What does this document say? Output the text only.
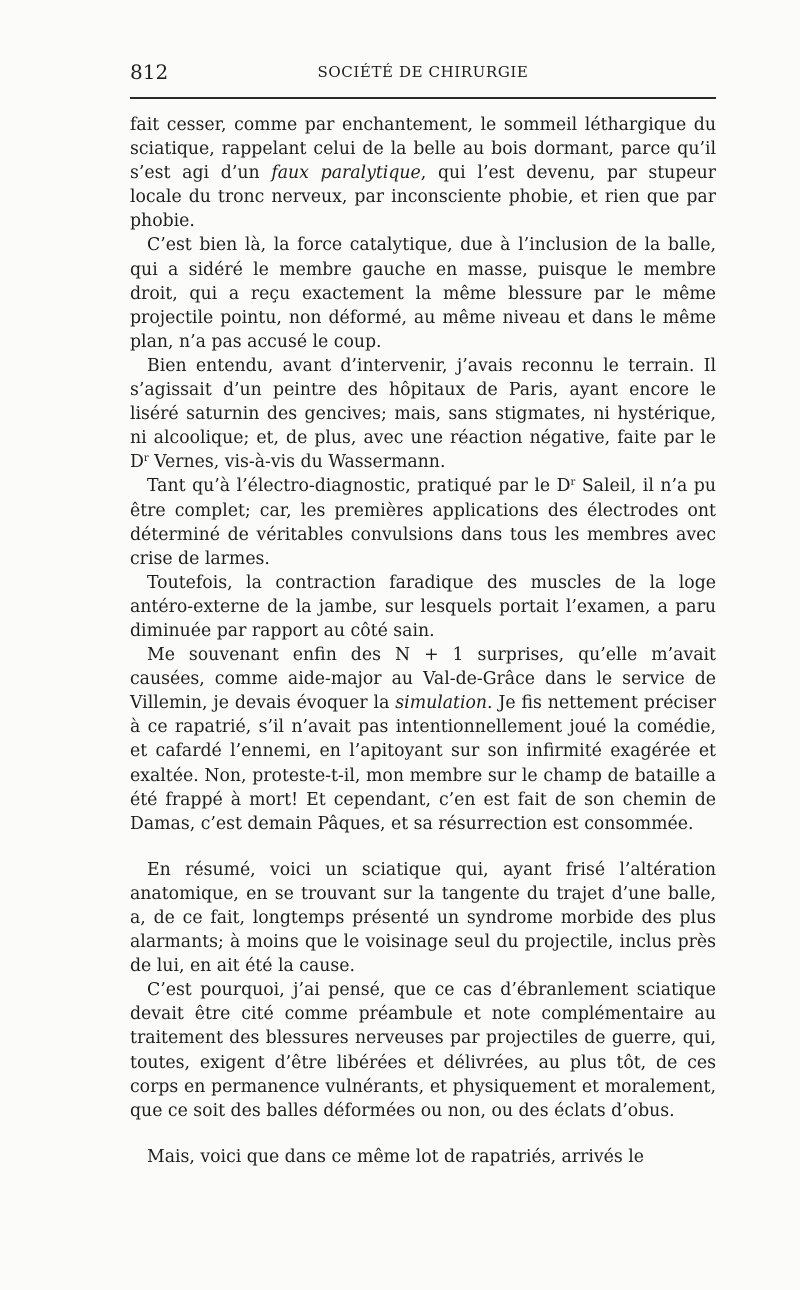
812	SOCIÉTÉ DE CHIRURGIE

fait cesser, comme par enchantement, le sommeil léthargique du sciatique, rappelant celui de la belle au bois dormant, parce qu’il s’est agi d’un faux paralytique, qui l’est devenu, par stupeur locale du tronc nerveux, par inconsciente phobie, et rien que par phobie.

C’est bien là, la force catalytique, due à l’inclusion de la balle, qui a sidéré le membre gauche en masse, puisque le membre droit, qui a reçu exactement la même blessure par le même projectile pointu, non déformé, au même niveau et dans le même plan, n’a pas accusé le coup.

Bien entendu, avant d’intervenir, j’avais reconnu le terrain. Il s’agissait d’un peintre des hôpitaux de Paris, ayant encore le liséré saturnin des gencives; mais, sans stigmates, ni hystérique, ni alcoolique; et, de plus, avec une réaction négative, faite par le $D^r$ Vernes, vis-à-vis du Wassermann.

Tant qu’à l’électro-diagnostic, pratiqué par le $D^r$ Saleil, il n’a pu être complet; car, les premières applications des électrodes ont déterminé de véritables convulsions dans tous les membres avec crise de larmes.

Toutefois, la contraction faradique des muscles de la loge antéro-externe de la jambe, sur lesquels portait l’examen, a paru diminuée par rapport au côté sain.

Me souvenant enfin des N + 1 surprises, qu’elle m’avait causées, comme aide-major au Val-de-Grâce dans le service de Villemin, je devais évoquer la simulation. Je fis nettement préciser à ce rapatrié, s’il n’avait pas intentionnellement joué la comédie, et cafardé l’ennemi, en l’apitoyant sur son infirmité exagérée et exaltée. Non, proteste-t-il, mon membre sur le champ de bataille a été frappé à mort! Et cependant, c’en est fait de son chemin de Damas, c’est demain Pâques, et sa résurrection est consommée.

En résumé, voici un sciatique qui, ayant frisé l’altération anatomique, en se trouvant sur la tangente du trajet d’une balle, a, de ce fait, longtemps présenté un syndrome morbide des plus alarmants; à moins que le voisinage seul du projectile, inclus près de lui, en ait été la cause.

C’est pourquoi, j’ai pensé, que ce cas d’ébranlement sciatique devait être cité comme préambule et note complémentaire au traitement des blessures nerveuses par projectiles de guerre, qui, toutes, exigent d’être libérées et délivrées, au plus tôt, de ces corps en permanence vulnérants, et physiquement et moralement, que ce soit des balles déformées ou non, ou des éclats d’obus.

Mais, voici que dans ce même lot de rapatriés, arrivés le
